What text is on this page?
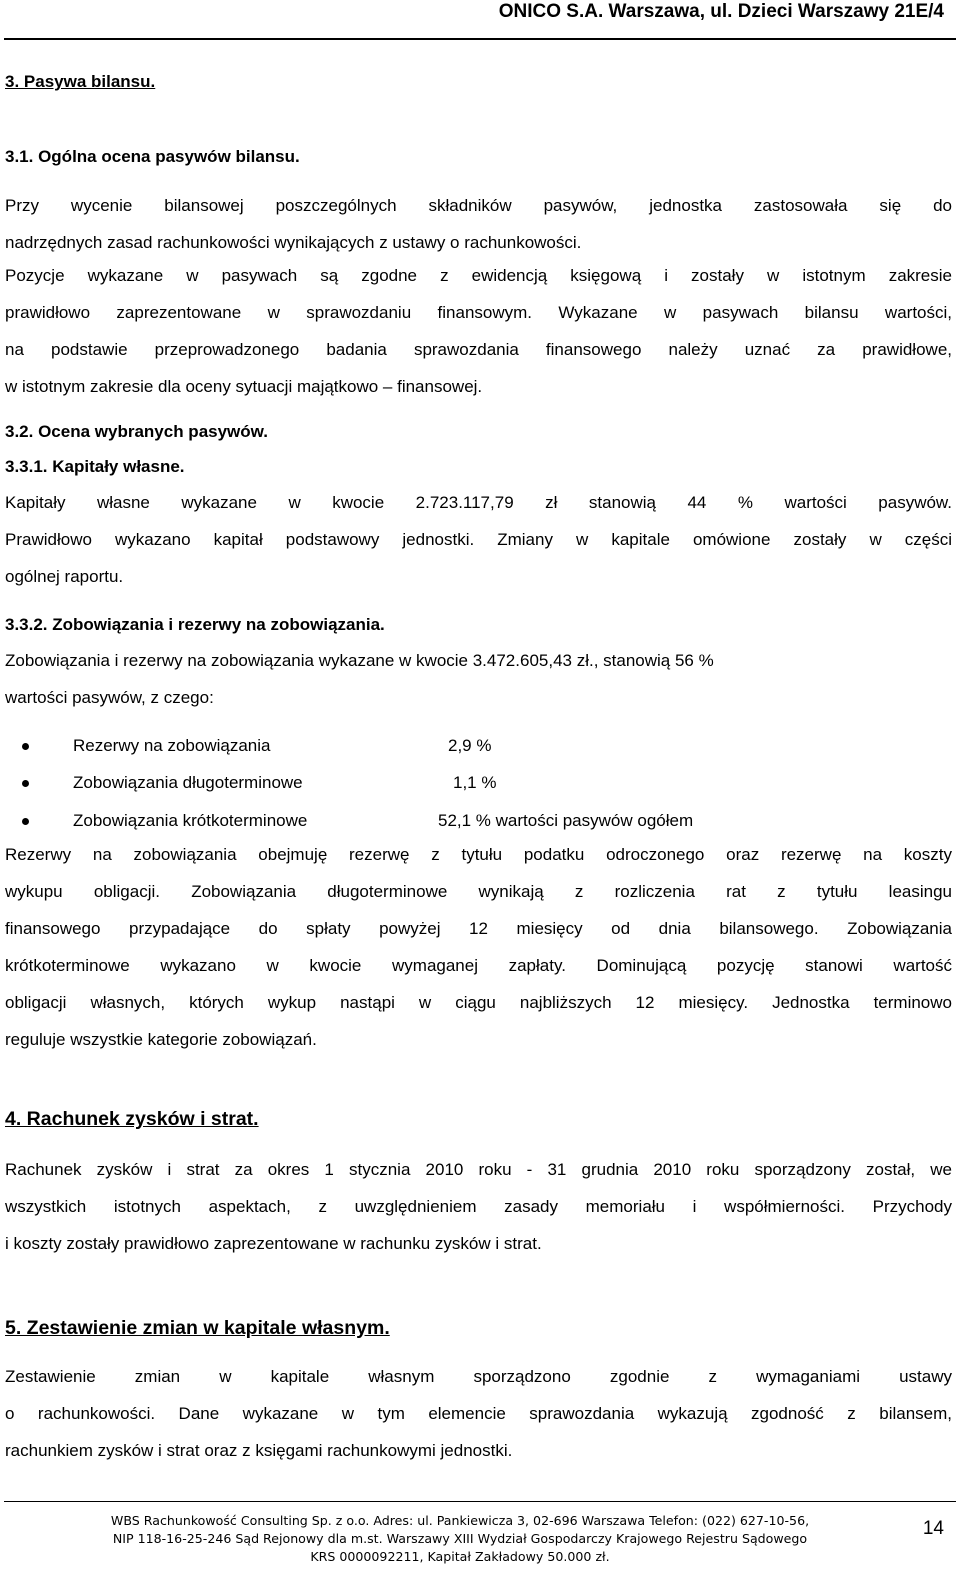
ONICO S.A. Warszawa, ul. Dzieci Warszawy 21E/4
3. Pasywa bilansu.
3.1. Ogólna ocena pasywów bilansu.
Przy wycenie bilansowej poszczególnych składników pasywów, jednostka zastosowała się do
nadrzędnych zasad rachunkowości wynikających z ustawy o rachunkowości.
Pozycje wykazane w pasywach są zgodne z ewidencją księgową i zostały w istotnym zakresie
prawidłowo zaprezentowane w sprawozdaniu finansowym. Wykazane w pasywach bilansu wartości,
na podstawie przeprowadzonego badania sprawozdania finansowego należy uznać za prawidłowe,
w istotnym zakresie dla oceny sytuacji majątkowo – finansowej.
3.2. Ocena wybranych pasywów.
3.3.1. Kapitały własne.
Kapitały własne wykazane w kwocie 2.723.117,79 zł stanowią 44 % wartości pasywów.
Prawidłowo wykazano kapitał podstawowy jednostki. Zmiany w kapitale omówione zostały w części
ogólnej raportu.
3.3.2. Zobowiązania i rezerwy na zobowiązania.
Zobowiązania i rezerwy na zobowiązania wykazane w kwocie 3.472.605,43 zł., stanowią 56 %
wartości pasywów, z czego:
Rezerwy na zobowiązania	2,9 %
Zobowiązania długoterminowe	1,1 %
Zobowiązania krótkoterminowe	52,1 % wartości pasywów ogółem
Rezerwy na zobowiązania obejmuję rezerwę z tytułu podatku odroczonego oraz rezerwę na koszty
wykupu obligacji. Zobowiązania długoterminowe wynikają z rozliczenia rat z tytułu leasingu
finansowego przypadające do spłaty powyżej 12 miesięcy od dnia bilansowego. Zobowiązania
krótkoterminowe wykazano w kwocie wymaganej zapłaty. Dominującą pozycję stanowi wartość
obligacji własnych, których wykup nastąpi w ciągu najbliższych 12 miesięcy. Jednostka terminowo
reguluje wszystkie kategorie zobowiązań.
4. Rachunek zysków i strat.
Rachunek zysków i strat za okres 1 stycznia 2010 roku - 31 grudnia 2010 roku sporządzony został, we
wszystkich istotnych aspektach, z uwzględnieniem zasady memoriału i współmierności. Przychody
i koszty zostały prawidłowo zaprezentowane w rachunku zysków i strat.
5. Zestawienie zmian w kapitale własnym.
Zestawienie zmian w kapitale własnym sporządzono zgodnie z wymaganiami ustawy
o rachunkowości. Dane wykazane w tym elemencie sprawozdania wykazują zgodność z bilansem,
rachunkiem zysków i strat oraz z księgami rachunkowymi jednostki.
WBS Rachunkowość Consulting Sp. z o.o. Adres: ul. Pankiewicza 3, 02-696 Warszawa Telefon: (022) 627-10-56,
NIP 118-16-25-246 Sąd Rejonowy dla m.st. Warszawy XIII Wydział Gospodarczy Krajowego Rejestru Sądowego
KRS 0000092211, Kapitał Zakładowy 50.000 zł.
14
